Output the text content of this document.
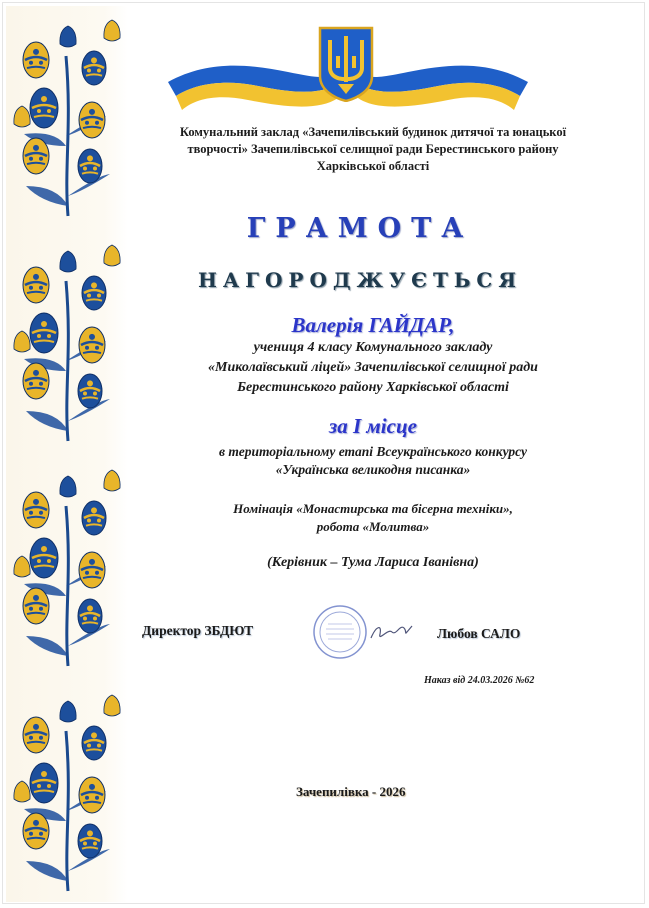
Комунальний заклад «Зачепилівський будинок дитячої та юнацької
творчості» Зачепилівської селищної ради Берестинського району
Харківської області
ГРАМОТА
НАГОРОДЖУЄТЬСЯ
Валерія ГАЙДАР,
учениця 4 класу Комунального закладу
«Миколаївський ліцей» Зачепилівської селищної ради
Берестинського району Харківської області
за І місце
в територіальному етапі Всеукраїнського конкурсу
«Українська великодня писанка»
Номінація «Монастирська та бісерна техніки»,
робота «Молитва»
(Керівник – Тума Лариса Іванівна)
Директор ЗБДЮТ	Любов САЛО
Наказ від 24.03.2026 №62
Зачепилівка - 2026
